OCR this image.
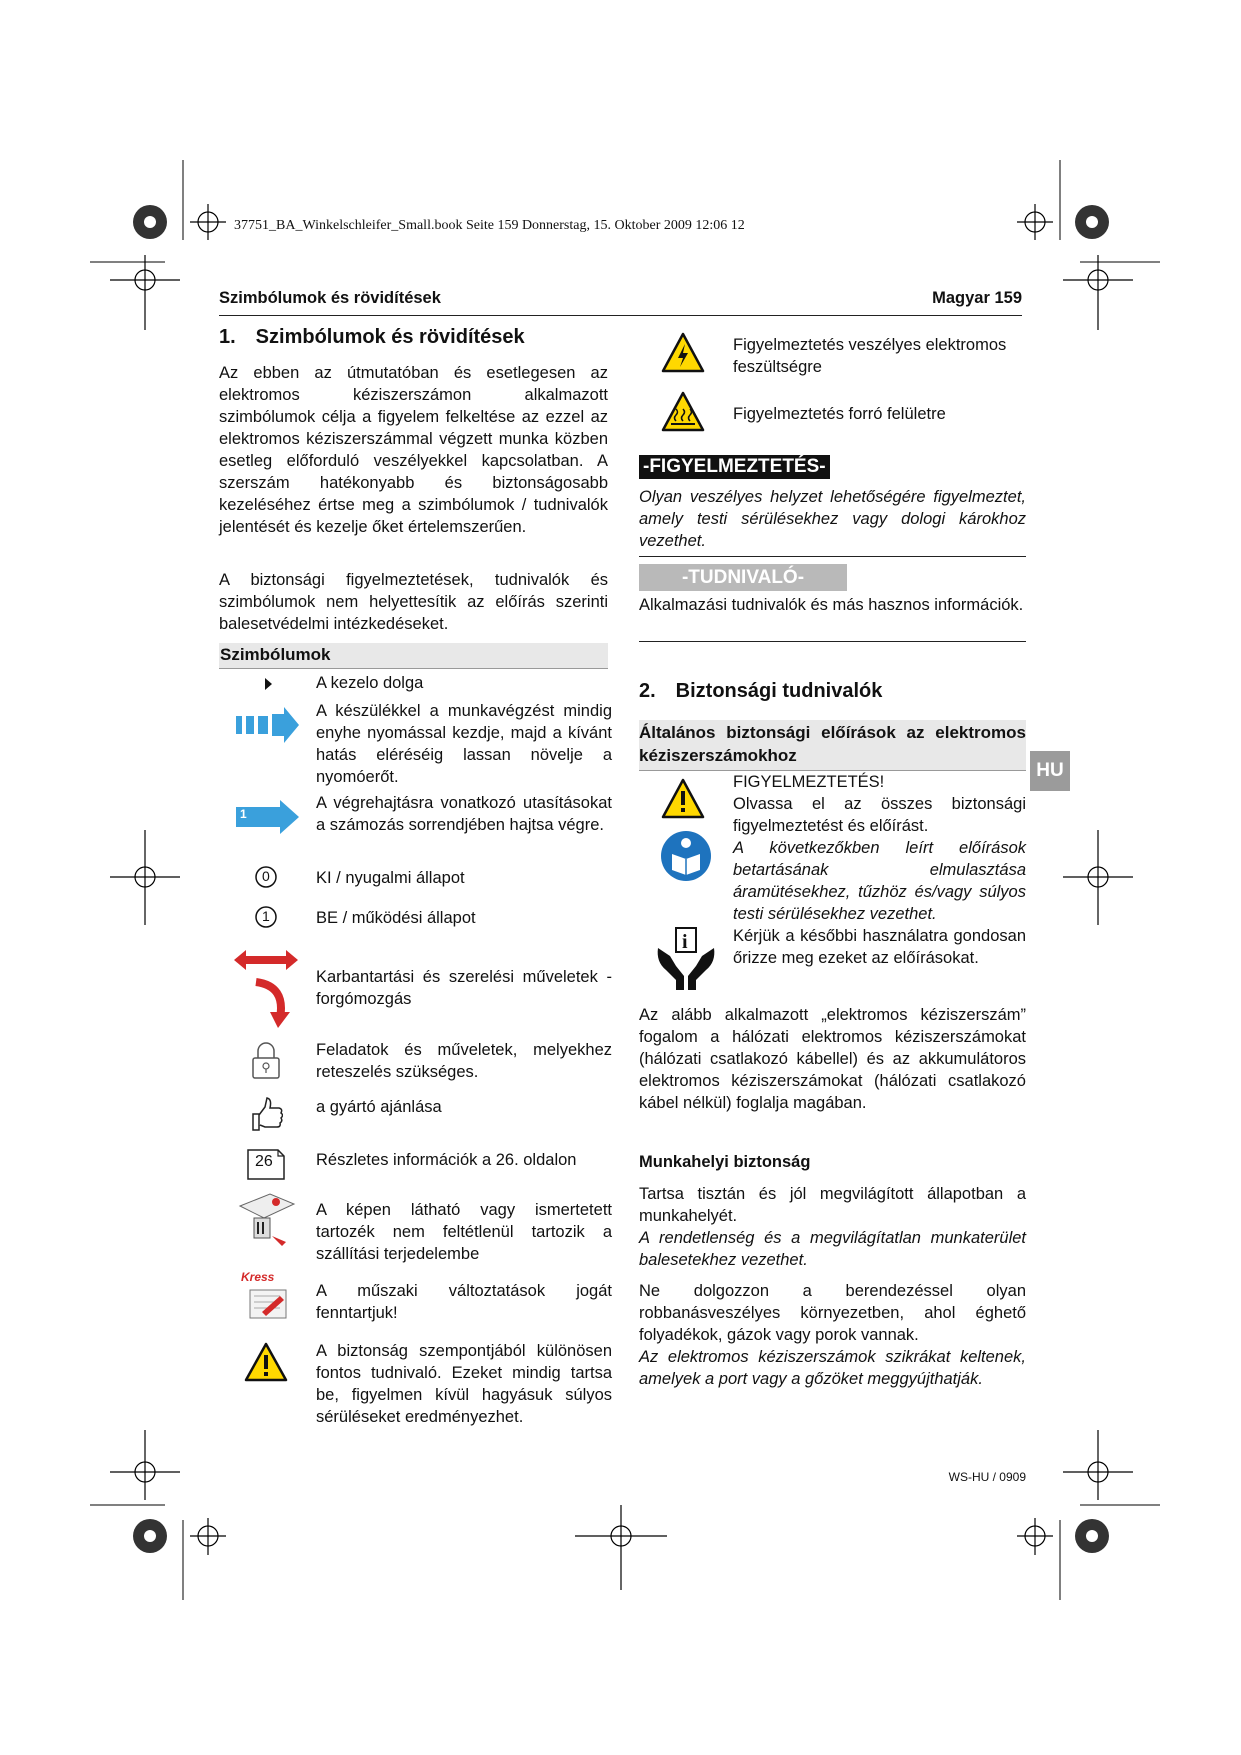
37751_BA_Winkelschleifer_Small.book Seite 159 Donnerstag, 15. Oktober 2009 12:06 12
Szimbólumok és rövidítések	Magyar 159
1. Szimbólumok és rövidítések

Az ebben az útmutatóban és esetlegesen az elektromos kéziszerszámon alkalmazott szimbólumok célja a figyelem felkeltése az ezzel az elektromos kéziszerszámmal végzett munka közben esetleg előforduló veszélyekkel kapcsolatban. A szerszám hatékonyabb és biztonságosabb kezeléséhez értse meg a szimbólumok / tudnivalók jelentését és kezelje őket értelemszerűen.

A biztonsági figyelmeztetések, tudnivalók és szimbólumok nem helyettesítik az előírás szerinti balesetvédelmi intézkedéseket.

Szimbólumok
A kezelo dolga
A készülékkel a munkavégzést mindig enyhe nyomással kezdje, majd a kívánt hatás eléréséig lassan növelje a nyomóerőt.
1
A végrehajtásra vonatkozó utasításokat a számozás sorrendjében hajtsa végre.
0	KI / nyugalmi állapot
1	BE / működési állapot
Karbantartási és szerelési műveletek - forgómozgás
Feladatok és műveletek, melyekhez reteszelés szükséges.
a gyártó ajánlása
26	Részletes információk a 26. oldalon
A képen látható vagy ismertetett tartozék nem feltétlenül tartozik a szállítási terjedelembe
Kress
A műszaki változtatások jogát fenntartjuk!
A biztonság szempontjából különösen fontos tudnivaló. Ezeket mindig tartsa be, figyelmen kívül hagyásuk súlyos sérüléseket eredményezhet.
Figyelmeztetés veszélyes elektromos feszültségre
Figyelmeztetés forró felületre
-FIGYELMEZTETÉS-

Olyan veszélyes helyzet lehetőségére figyelmeztet, amely testi sérülésekhez vagy dologi károkhoz vezethet.

-TUDNIVALÓ-

Alkalmazási tudnivalók és más hasznos információk.

2. Biztonsági tudnivalók
Általános biztonsági előírások az elektromos kéziszerszámokhoz
i
FIGYELMEZTETÉS!

Olvassa el az összes biztonsági figyelmeztetést és előírást.

A következőkben leírt előírások betartásának elmulasztása áramütésekhez, tűzhöz és/vagy súlyos testi sérülésekhez vezethet.

Kérjük a későbbi használatra gondosan őrizze meg ezeket az előírásokat.

Az alább alkalmazott „elektromos kéziszerszám” fogalom a hálózati elektromos kéziszerszámokat (hálózati csatlakozó kábellel) és az akkumulátoros elektromos kéziszerszámokat (hálózati csatlakozó kábel nélkül) foglalja magában.

Munkahelyi biztonság

Tartsa tisztán és jól megvilágított állapotban a munkahelyét.

A rendetlenség és a megvilágítatlan munkaterület balesetekhez vezethet.

Ne dolgozzon a berendezéssel olyan robbanásveszélyes környezetben, ahol éghető folyadékok, gázok vagy porok vannak.

Az elektromos kéziszerszámok szikrákat keltenek, amelyek a port vagy a gőzöket meggyújthatják.

HU
WS-HU / 0909
